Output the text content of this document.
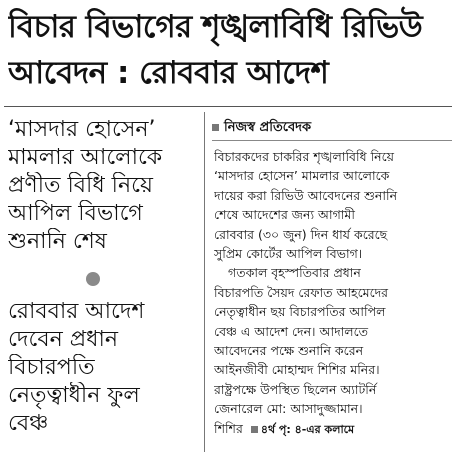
বিচার বিভাগের শৃঙ্খলাবিধি রিভিউ
আবেদন : রোববার আদেশ
‘মাসদার হোসেন’
মামলার আলোকে
প্রণীত বিধি নিয়ে
আপিল বিভাগে
শুনানি শেষ
রোববার আদেশ
দেবেন প্রধান
বিচারপতি
নেতৃত্বাধীন ফুল
বেঞ্চ
নিজস্ব প্রতিবেদক
বিচারকদের চাকরির শৃঙ্খলাবিধি নিয়ে
‘মাসদার হোসেন’ মামলার আলোকে
দায়ের করা রিভিউ আবেদনের শুনানি
শেষে আদেশের জন্য আগামী
রোববার (৩০ জুন) দিন ধার্য করেছে
সুপ্রিম কোর্টের আপিল বিভাগ।
গতকাল বৃহস্পতিবার প্রধান
বিচারপতি সৈয়দ রেফাত আহমেদের
নেতৃত্বাধীন ছয় বিচারপতির আপিল
বেঞ্চ এ আদেশ দেন। আদালতে
আবেদনের পক্ষে শুনানি করেন
আইনজীবী মোহাম্মদ শিশির মনির।
রাষ্ট্রপক্ষে উপস্থিত ছিলেন অ্যাটর্নি
জেনারেল মো: আসাদুজ্জামান।
শিশির ৪র্থ পৃ: ৪-এর কলামে
